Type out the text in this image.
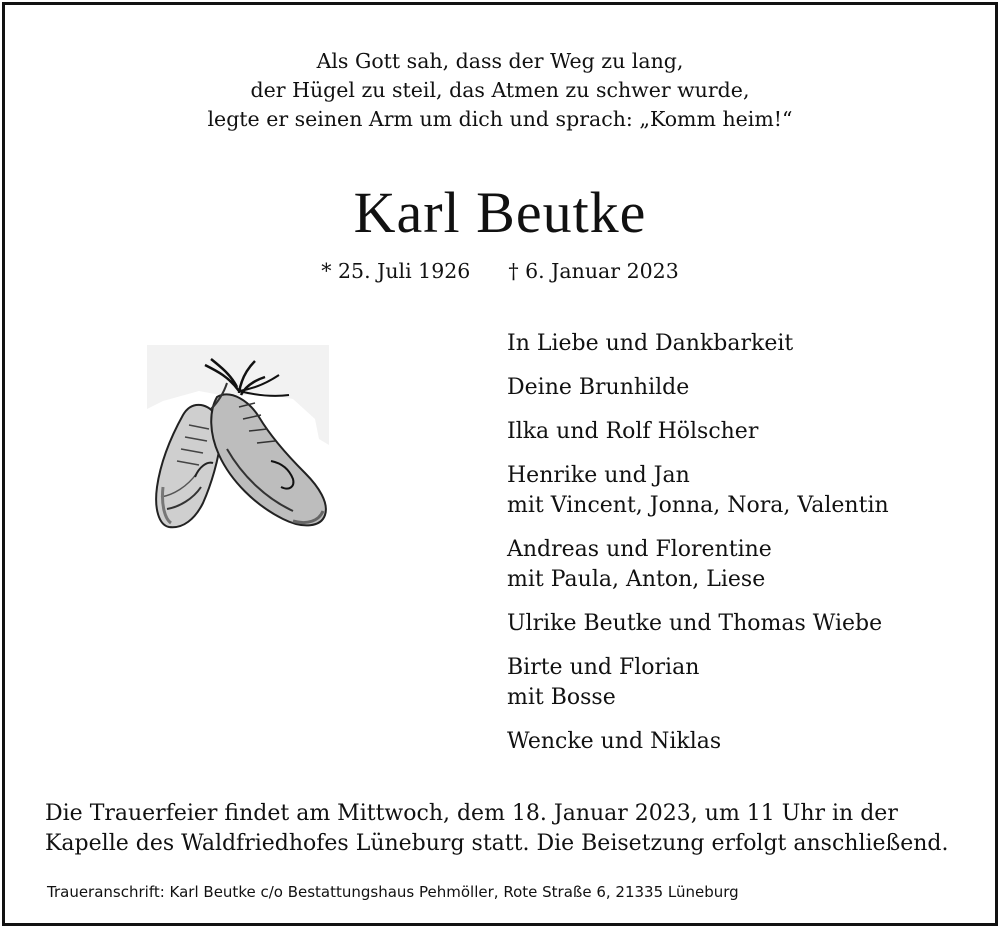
Als Gott sah, dass der Weg zu lang,
der Hügel zu steil, das Atmen zu schwer wurde,
legte er seinen Arm um dich und sprach: „Komm heim!“
Karl Beutke
* 25. Juli 1926 † 6. Januar 2023
In Liebe und Dankbarkeit
Deine Brunhilde
Ilka und Rolf Hölscher
Henrike und Jan
mit Vincent, Jonna, Nora, Valentin
Andreas und Florentine
mit Paula, Anton, Liese
Ulrike Beutke und Thomas Wiebe
Birte und Florian
mit Bosse
Wencke und Niklas
Die Trauerfeier findet am Mittwoch, dem 18. Januar 2023, um 11 Uhr in der
Kapelle des Waldfriedhofes Lüneburg statt. Die Beisetzung erfolgt anschließend.
Traueranschrift: Karl Beutke c/o Bestattungshaus Pehmöller, Rote Straße 6, 21335 Lüneburg
